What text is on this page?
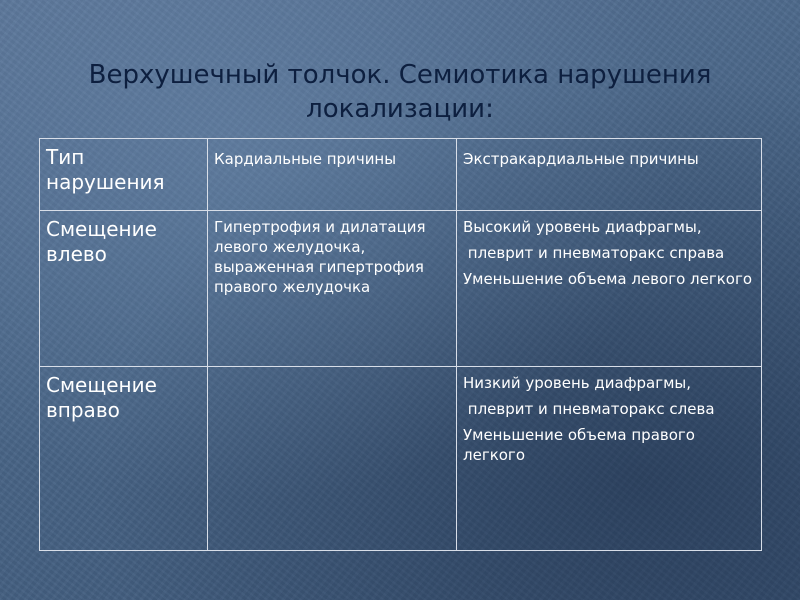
Верхушечный толчок. Семиотика нарушения
локализации:
Тип нарушения	Кардиальные причины	Экстракардиальные причины
Смещение влево	Гипертрофия и дилатация левого желудочка, выраженная гипертрофия правого желудочка	Высокий уровень диафрагмы,

плеврит и пневматоракс справа

Уменьшение объема левого легкого

Смещение вправо		Низкий уровень диафрагмы,

плеврит и пневматоракс слева

Уменьшение объема правого легкого
